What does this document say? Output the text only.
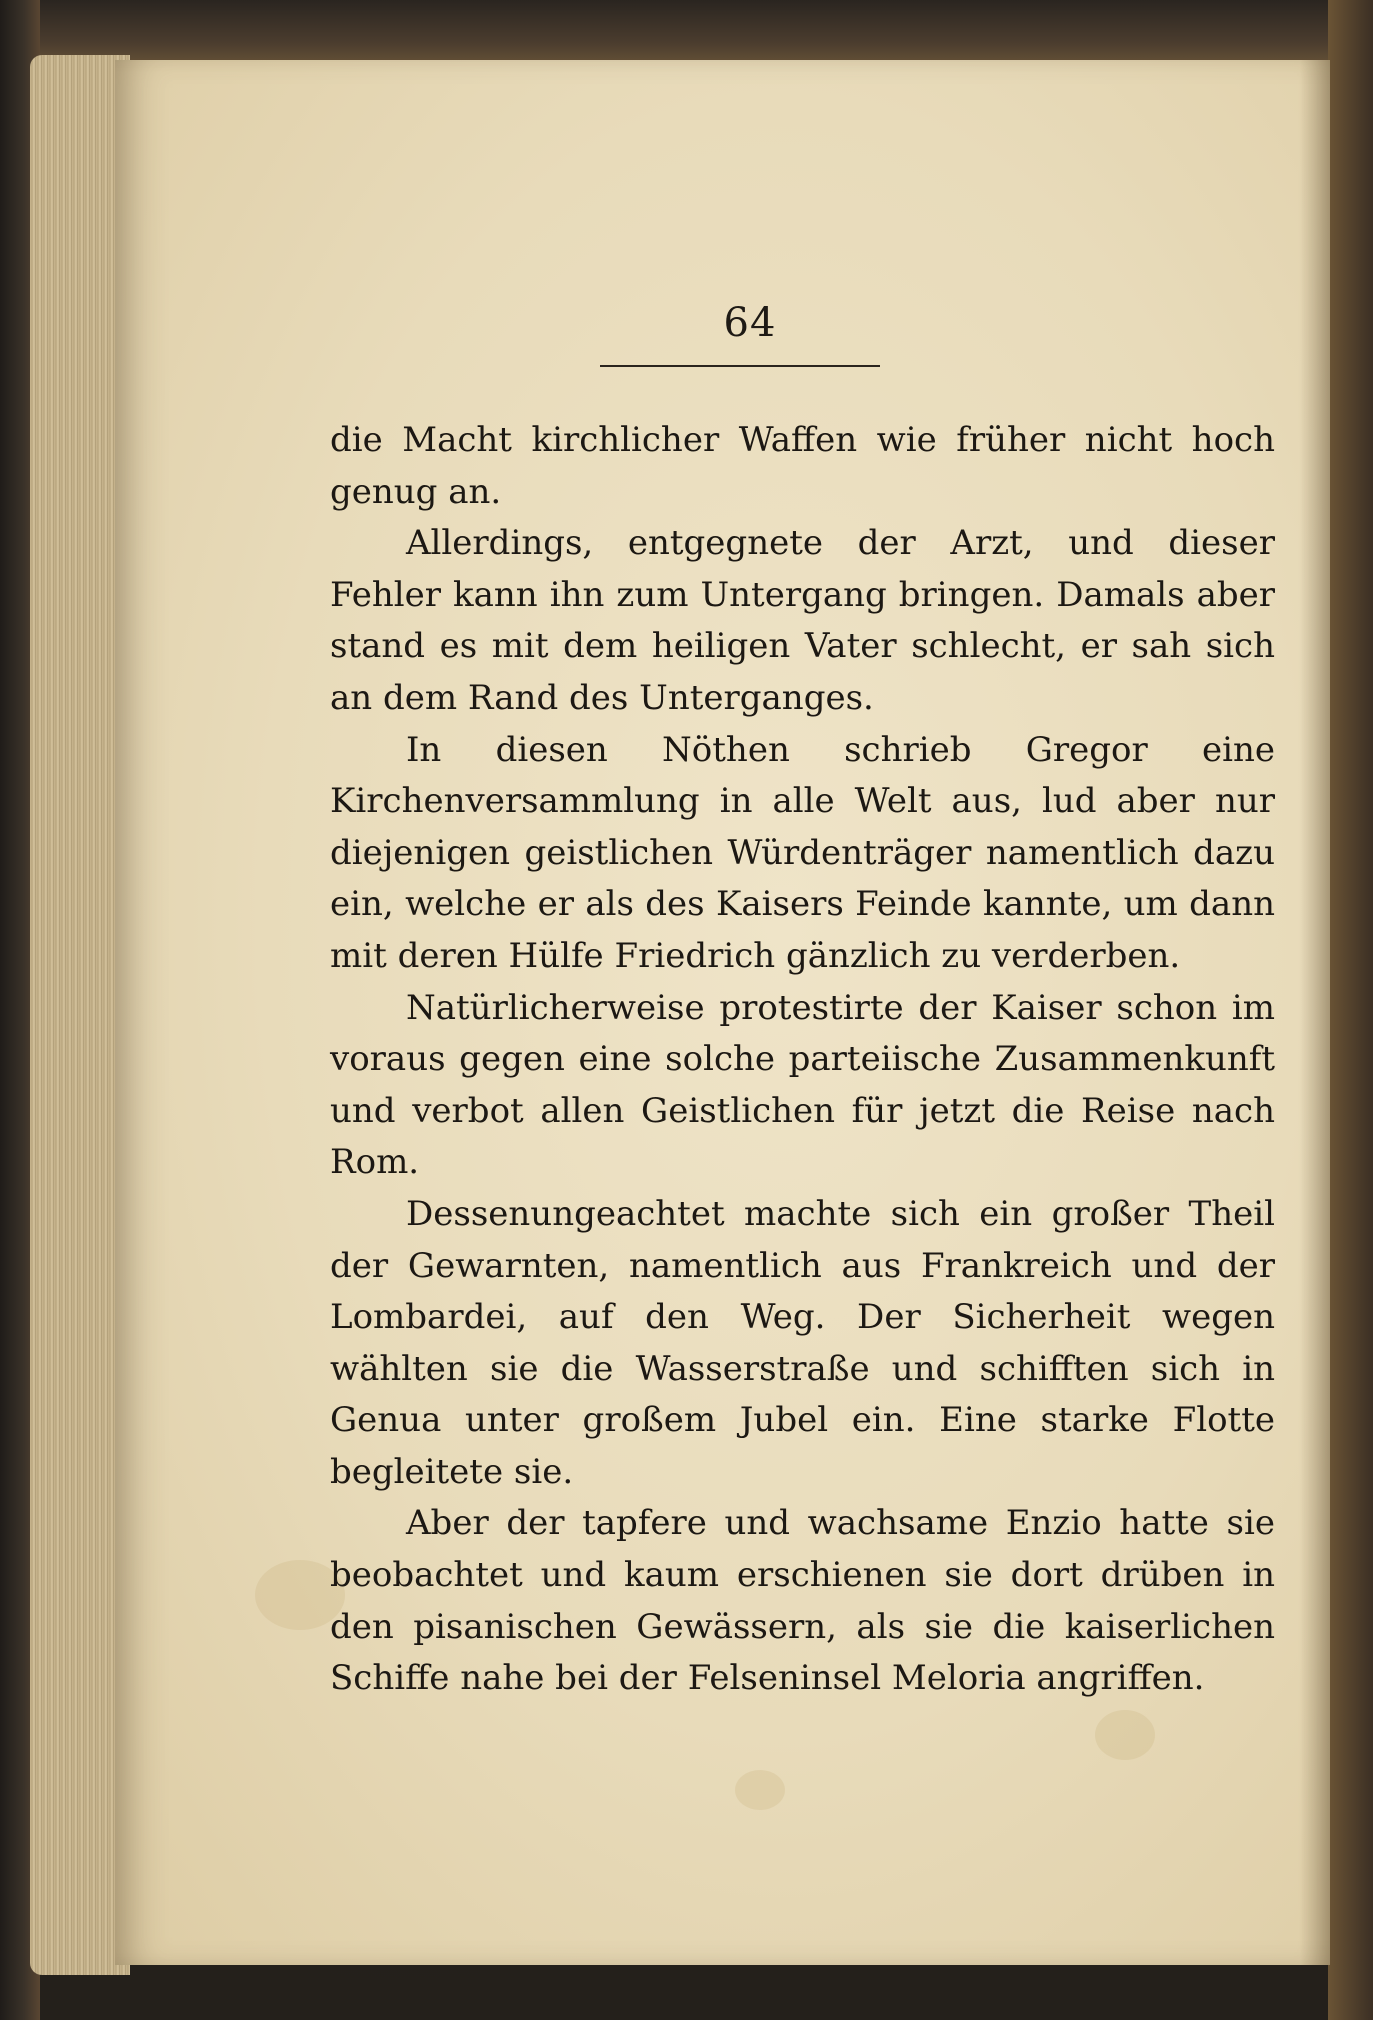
64

die Macht kirchlicher Waffen wie früher nicht hoch genug an.

Allerdings, entgegnete der Arzt, und dieser Fehler kann ihn zum Untergang bringen. Damals aber stand es mit dem heiligen Vater schlecht, er sah sich an dem Rand des Unterganges.

In diesen Nöthen schrieb Gregor eine Kirchenversammlung in alle Welt aus, lud aber nur diejenigen geistlichen Würdenträger namentlich dazu ein, welche er als des Kaisers Feinde kannte, um dann mit deren Hülfe Friedrich gänzlich zu verderben.

Natürlicherweise protestirte der Kaiser schon im voraus gegen eine solche parteiische Zusammenkunft und verbot allen Geistlichen für jetzt die Reise nach Rom.

Dessenungeachtet machte sich ein großer Theil der Gewarnten, namentlich aus Frankreich und der Lombardei, auf den Weg. Der Sicherheit wegen wählten sie die Wasserstraße und schifften sich in Genua unter großem Jubel ein. Eine starke Flotte begleitete sie.

Aber der tapfere und wachsame Enzio hatte sie beobachtet und kaum erschienen sie dort drüben in den pisanischen Gewässern, als sie die kaiserlichen Schiffe nahe bei der Felseninsel Meloria angriffen.
